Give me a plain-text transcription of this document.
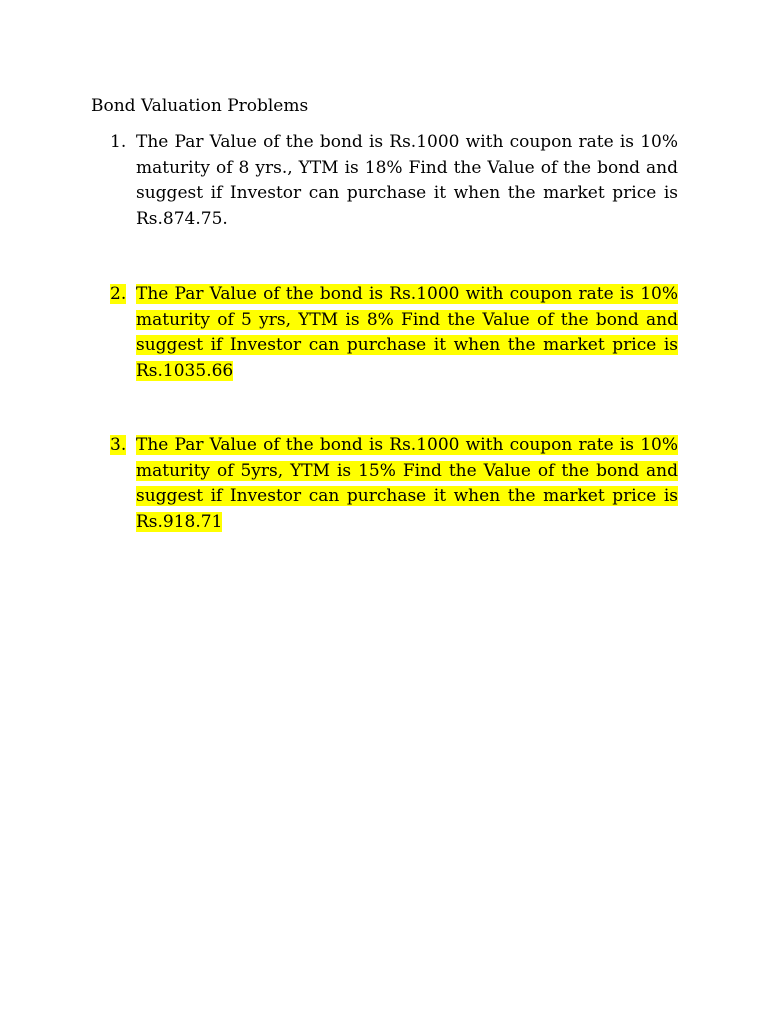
Bond Valuation Problems
1. The Par Value of the bond is Rs.1000 with coupon rate is 10% maturity of 8 yrs., YTM is 18% Find the Value of the bond and suggest if Investor can purchase it when the market price is Rs.874.75.
2. The Par Value of the bond is Rs.1000 with coupon rate is 10% maturity of 5 yrs, YTM is 8% Find the Value of the bond and suggest if Investor can purchase it when the market price is Rs.1035.66
3. The Par Value of the bond is Rs.1000 with coupon rate is 10% maturity of 5yrs, YTM is 15% Find the Value of the bond and suggest if Investor can purchase it when the market price is Rs.918.71
